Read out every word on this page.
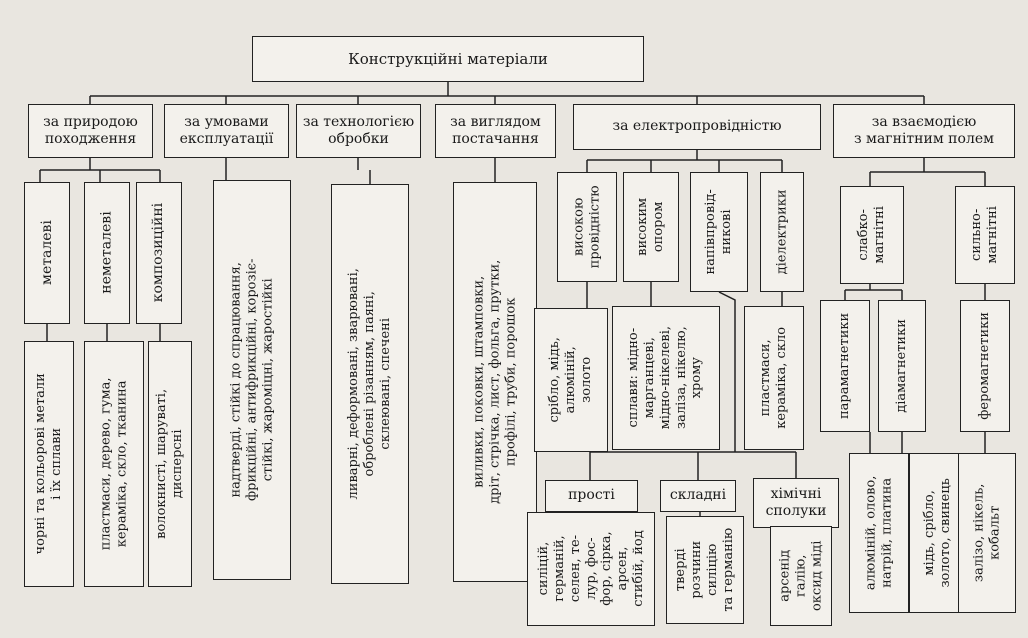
Конструкційні матеріали
за природою
походження
за умовами
експлуатації
за технологією
обробки
за виглядом
постачання
за електропровідністю	за взаємодією
з магнітним полем
металеві	неметалеві	композиційні
чорні та кольорові метали
і їх сплави
пластмаси, дерево, гума,
кераміка, скло, тканина
волокнисті, шаруваті,
дисперсні	надтверді, стійкі до спрацювання,
фрикційні, антифрикційні, корозіє-
стійкі, жароміцні, жаростійкі
ливарні, деформовані, зварювані,
оброблені різанням, паяні,
склеювані, спечені
виливки, поковки, штамповки,
дріт, стрічка, лист, фольга, прутки,
профілі, труби, порошок
високою
провідністю	високим
опором	напівпровід-
никові	діелектрики
срібло, мідь,
алюміній,
золото сплави: мідно-
марганцеві,
мідно-нікелеві,
заліза, нікелю,
хрому	пластмаси,
кераміка, скло
прості	складні	хімічні
сполуки
силіцій,
германій,
селен, те-
лур, фос-
фор, сірка,
арсен,
стибій, йод
тверді
розчини
силіцію
та германію	арсенід
галію,
оксид міді
слабко-
магнітні	сильно-
магнітні
парамагнетики	діамагнетики	феромагнетики
алюміній, олово,
натрій, платина
мідь, срібло,
золото, свинець
залізо, нікель,
кобальт
